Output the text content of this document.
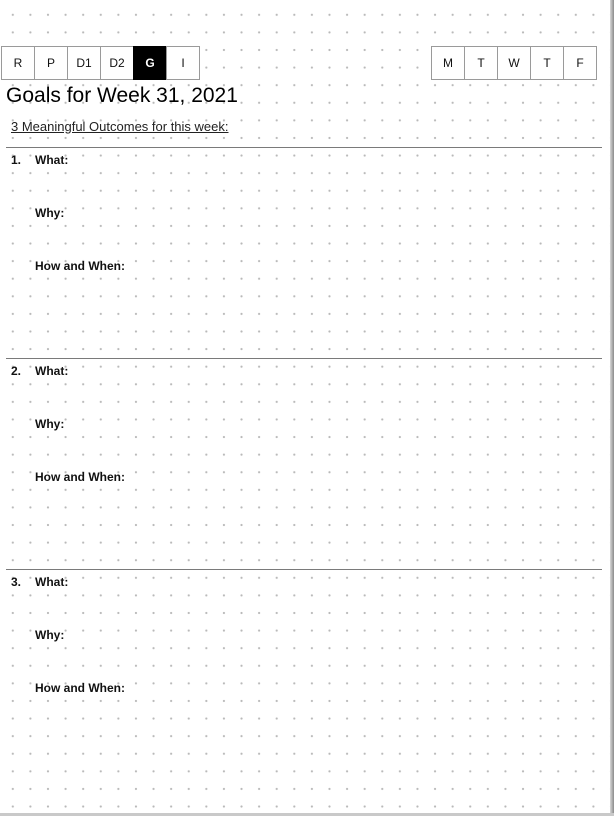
R	P	D1	D2	G	I	M	T	W	T	F
Goals for Week 31, 2021
3 Meaningful Outcomes for this week:
1. What:
Why:
How and When:
2. What:
Why:
How and When:
3. What:
Why:
How and When:
